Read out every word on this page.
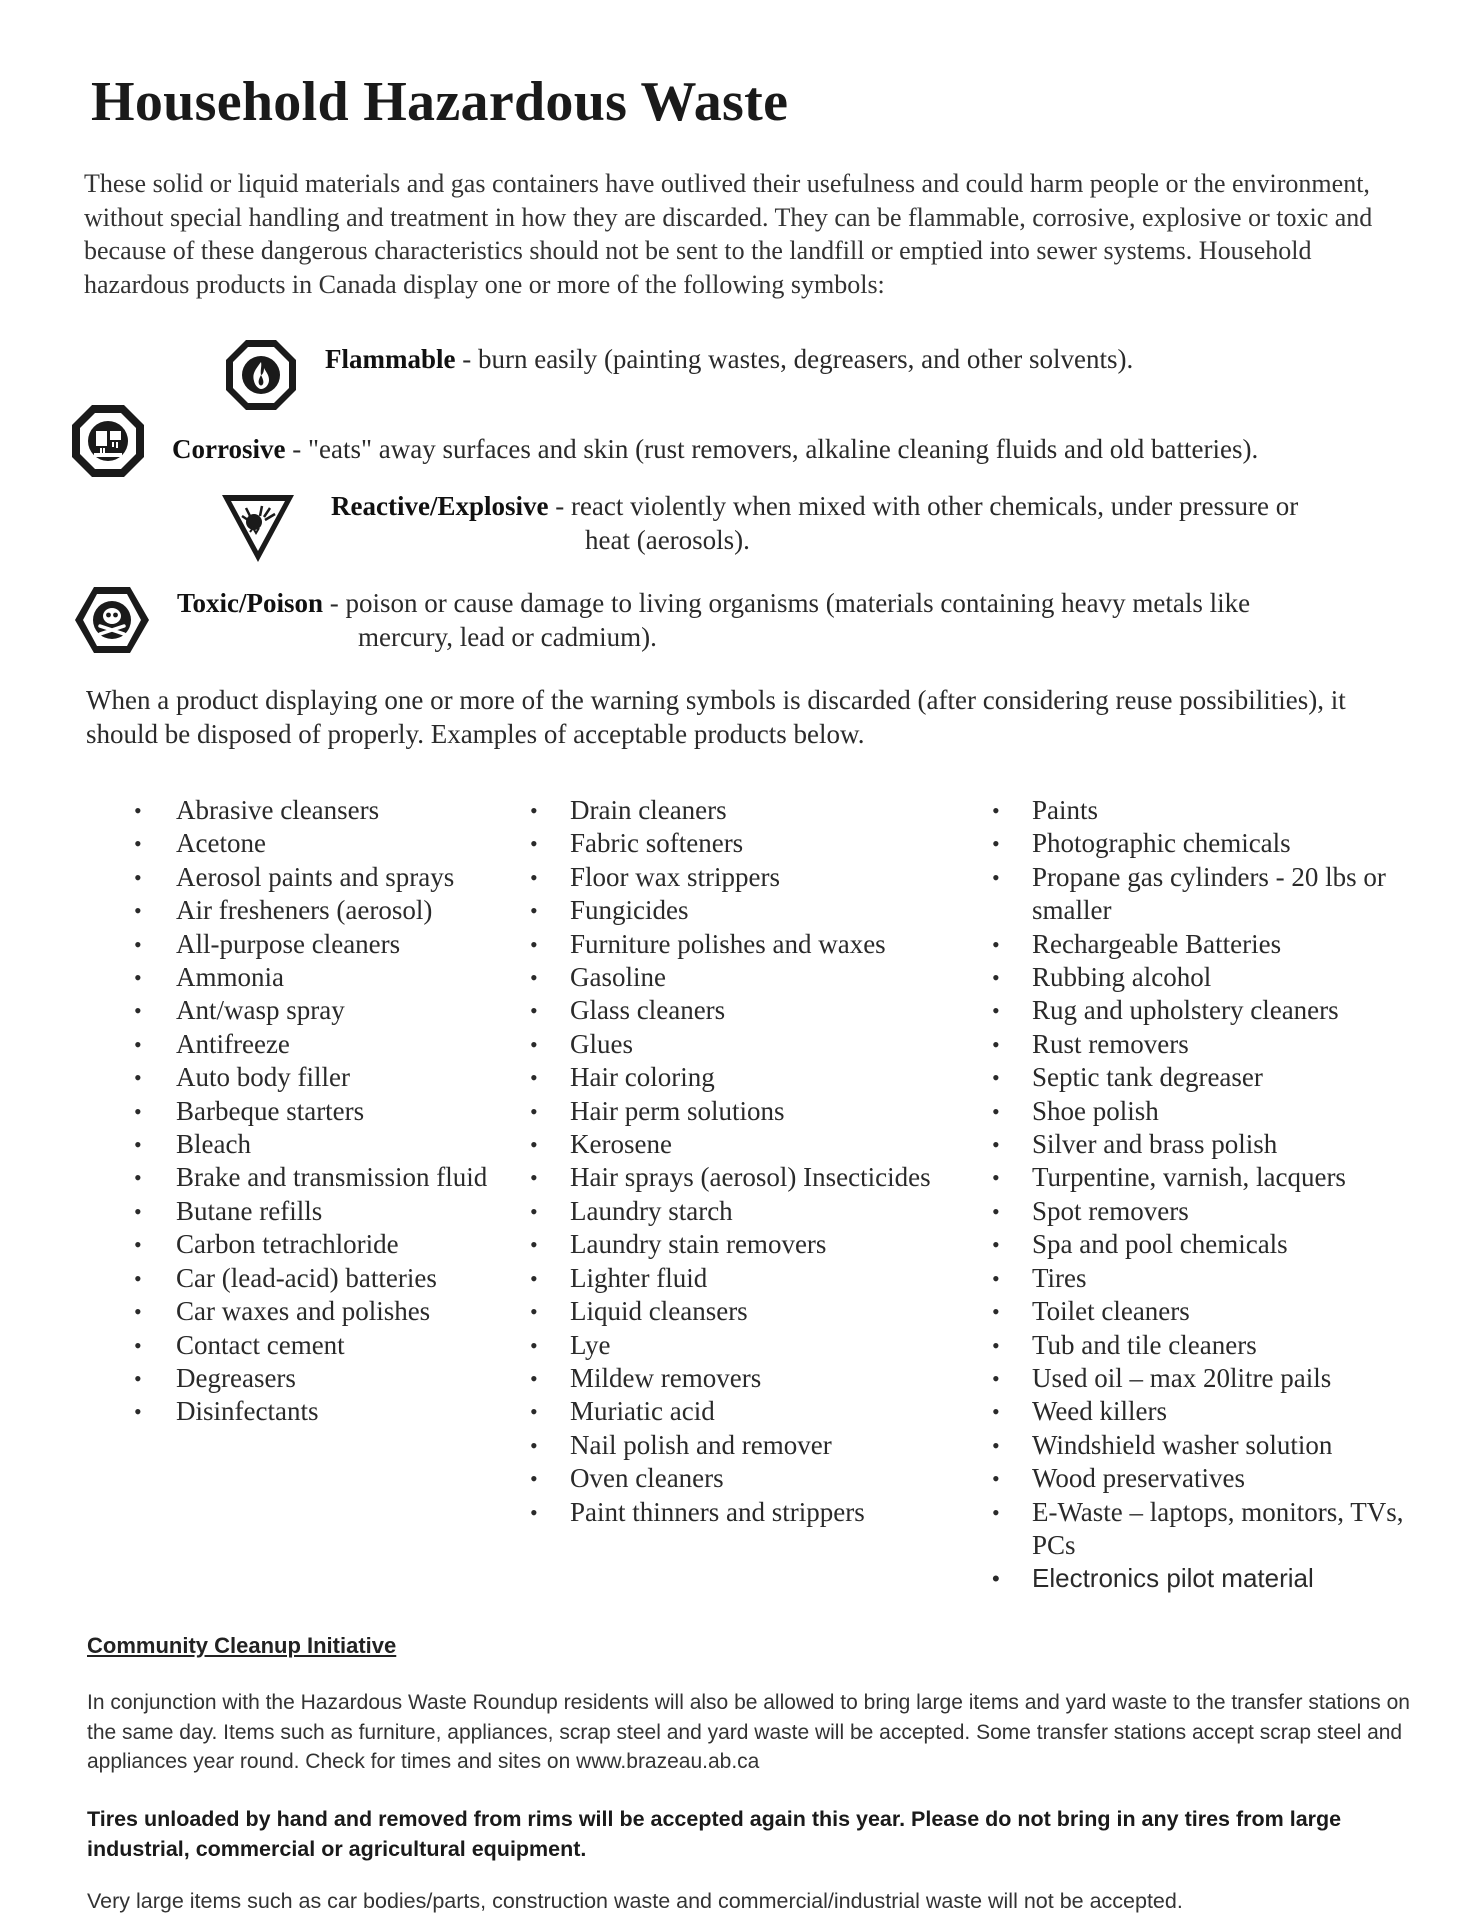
Household Hazardous Waste

These solid or liquid materials and gas containers have outlived their usefulness and could harm people or the environment, without special handling and treatment in how they are discarded. They can be flammable, corrosive, explosive or toxic and because of these dangerous characteristics should not be sent to the landfill or emptied into sewer systems. Household hazardous products in Canada display one or more of the following symbols:

Flammable - burn easily (painting wastes, degreasers, and other solvents).
Corrosive - "eats" away surfaces and skin (rust removers, alkaline cleaning fluids and old batteries).
Reactive/Explosive - react violently when mixed with other chemicals, under pressure or
heat (aerosols).
Toxic/Poison - poison or cause damage to living organisms (materials containing heavy metals like
mercury, lead or cadmium).

When a product displaying one or more of the warning symbols is discarded (after considering reuse possibilities), it should be disposed of properly. Examples of acceptable products below.

• Abrasive cleansers
• Acetone
• Aerosol paints and sprays
• Air fresheners (aerosol)
• All-purpose cleaners
• Ammonia
• Ant/wasp spray
• Antifreeze
• Auto body filler
• Barbeque starters
• Bleach
• Brake and transmission fluid
• Butane refills
• Carbon tetrachloride
• Car (lead-acid) batteries
• Car waxes and polishes
• Contact cement
• Degreasers
• Disinfectants
• Drain cleaners
• Fabric softeners
• Floor wax strippers
• Fungicides
• Furniture polishes and waxes
• Gasoline
• Glass cleaners
• Glues
• Hair coloring
• Hair perm solutions
• Kerosene
• Hair sprays (aerosol) Insecticides
• Laundry starch
• Laundry stain removers
• Lighter fluid
• Liquid cleansers
• Lye
• Mildew removers
• Muriatic acid
• Nail polish and remover
• Oven cleaners
• Paint thinners and strippers
• Paints
• Photographic chemicals
• Propane gas cylinders - 20 lbs or smaller
• Rechargeable Batteries
• Rubbing alcohol
• Rug and upholstery cleaners
• Rust removers
• Septic tank degreaser
• Shoe polish
• Silver and brass polish
• Turpentine, varnish, lacquers
• Spot removers
• Spa and pool chemicals
• Tires
• Toilet cleaners
• Tub and tile cleaners
• Used oil – max 20litre pails
• Weed killers
• Windshield washer solution
• Wood preservatives
• E-Waste – laptops, monitors, TVs, PCs
• Electronics pilot material

Community Cleanup Initiative

In conjunction with the Hazardous Waste Roundup residents will also be allowed to bring large items and yard waste to the transfer stations on the same day. Items such as furniture, appliances, scrap steel and yard waste will be accepted. Some transfer stations accept scrap steel and appliances year round. Check for times and sites on www.brazeau.ab.ca

Tires unloaded by hand and removed from rims will be accepted again this year. Please do not bring in any tires from large industrial, commercial or agricultural equipment.

Very large items such as car bodies/parts, construction waste and commercial/industrial waste will not be accepted.
